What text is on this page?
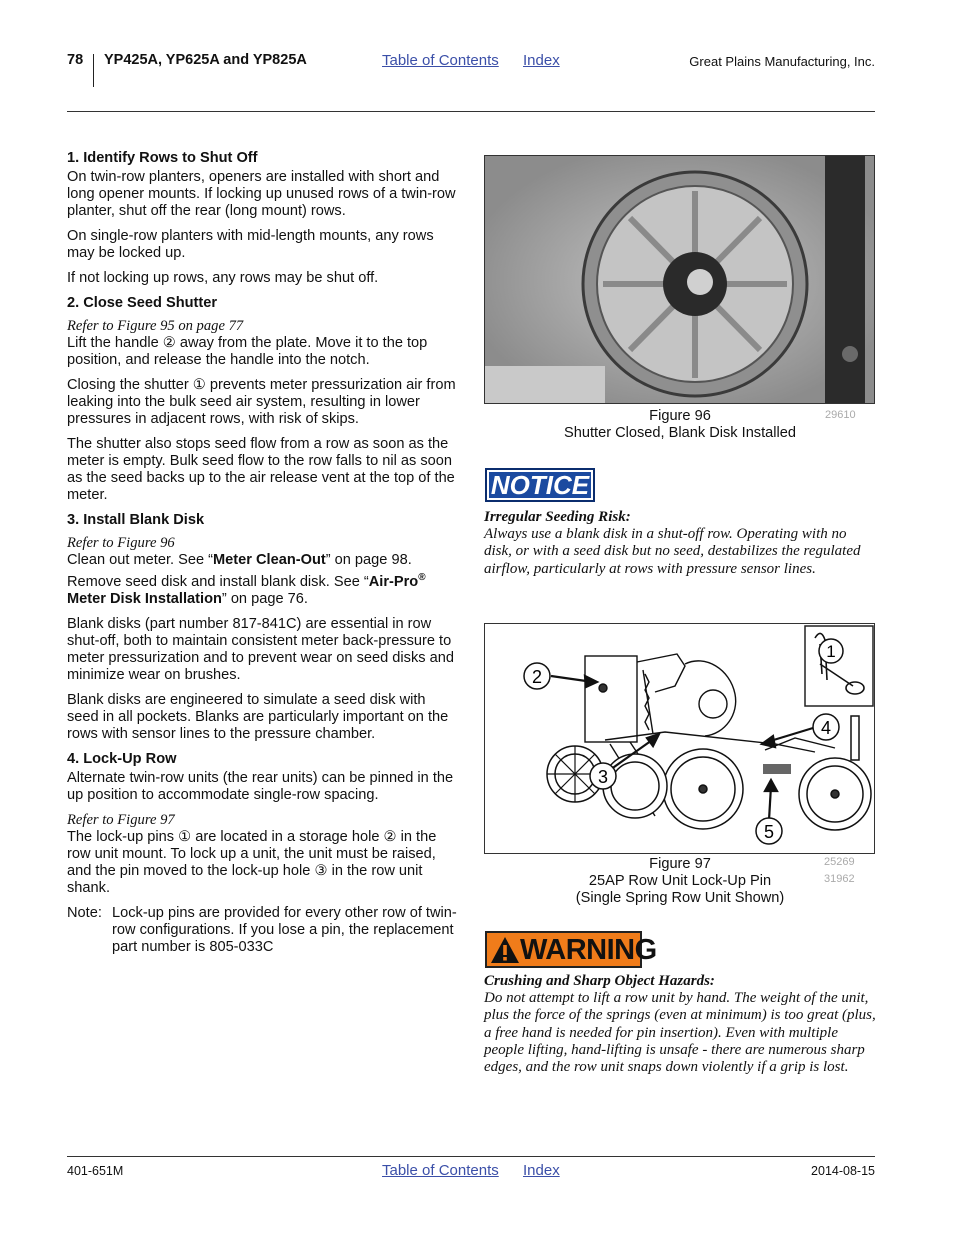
78 YP425A, YP625A and YP825A	Table of Contents Index	Great Plains Manufacturing, Inc.
1. Identify Rows to Shut Off

On twin-row planters, openers are installed with short and long opener mounts. If locking up unused rows of a twin-row planter, shut off the rear (long mount) rows.

On single-row planters with mid-length mounts, any rows may be locked up.

If not locking up rows, any rows may be shut off.

2. Close Seed Shutter
Refer to Figure 95 on page 77

Lift the handle ② away from the plate. Move it to the top position, and release the handle into the notch.

Closing the shutter ① prevents meter pressurization air from leaking into the bulk seed air system, resulting in lower pressures in adjacent rows, with risk of skips.

The shutter also stops seed flow from a row as soon as the meter is empty. Bulk seed flow to the row falls to nil as soon as the seed backs up to the air release vent at the top of the meter.

3. Install Blank Disk
Refer to Figure 96

Clean out meter. See “Meter Clean-Out” on page 98. Remove seed disk and install blank disk. See “Air-Pro® Meter Disk Installation” on page 76.

Blank disks (part number 817-841C) are essential in row shut-off, both to maintain consistent meter back-pressure to meter pressurization and to prevent wear on seed disks and minimize wear on brushes.

Blank disks are engineered to simulate a seed disk with seed in all pockets. Blanks are particularly important on the rows with sensor lines to the pressure chamber.

4. Lock-Up Row

Alternate twin-row units (the rear units) can be pinned in the up position to accommodate single-row spacing.

Refer to Figure 97

The lock-up pins ① are located in a storage hole ② in the row unit mount. To lock up a unit, the unit must be raised, and the pin moved to the lock-up hole ③ in the row unit shank.

Note: Lock-up pins are provided for every other row of twin-row configurations. If you lose a pin, the replacement part number is 805-033C
Figure 96
Shutter Closed, Blank Disk Installed
29610
NOTICE
Irregular Seeding Risk:
Always use a blank disk in a shut-off row. Operating with no disk, or with a seed disk but no seed, destabilizes the regulated airflow, particularly at rows with pressure sensor lines.
1
2
3
4
5
Figure 97
25AP Row Unit Lock-Up Pin
(Single Spring Row Unit Shown)
25269
31962
WARNING
Crushing and Sharp Object Hazards:
Do not attempt to lift a row unit by hand. The weight of the unit, plus the force of the springs (even at minimum) is too great (plus, a free hand is needed for pin insertion). Even with multiple people lifting, hand-lifting is unsafe - there are numerous sharp edges, and the row unit snaps down violently if a grip is lost.
401-651M	Table of Contents Index	2014-08-15
